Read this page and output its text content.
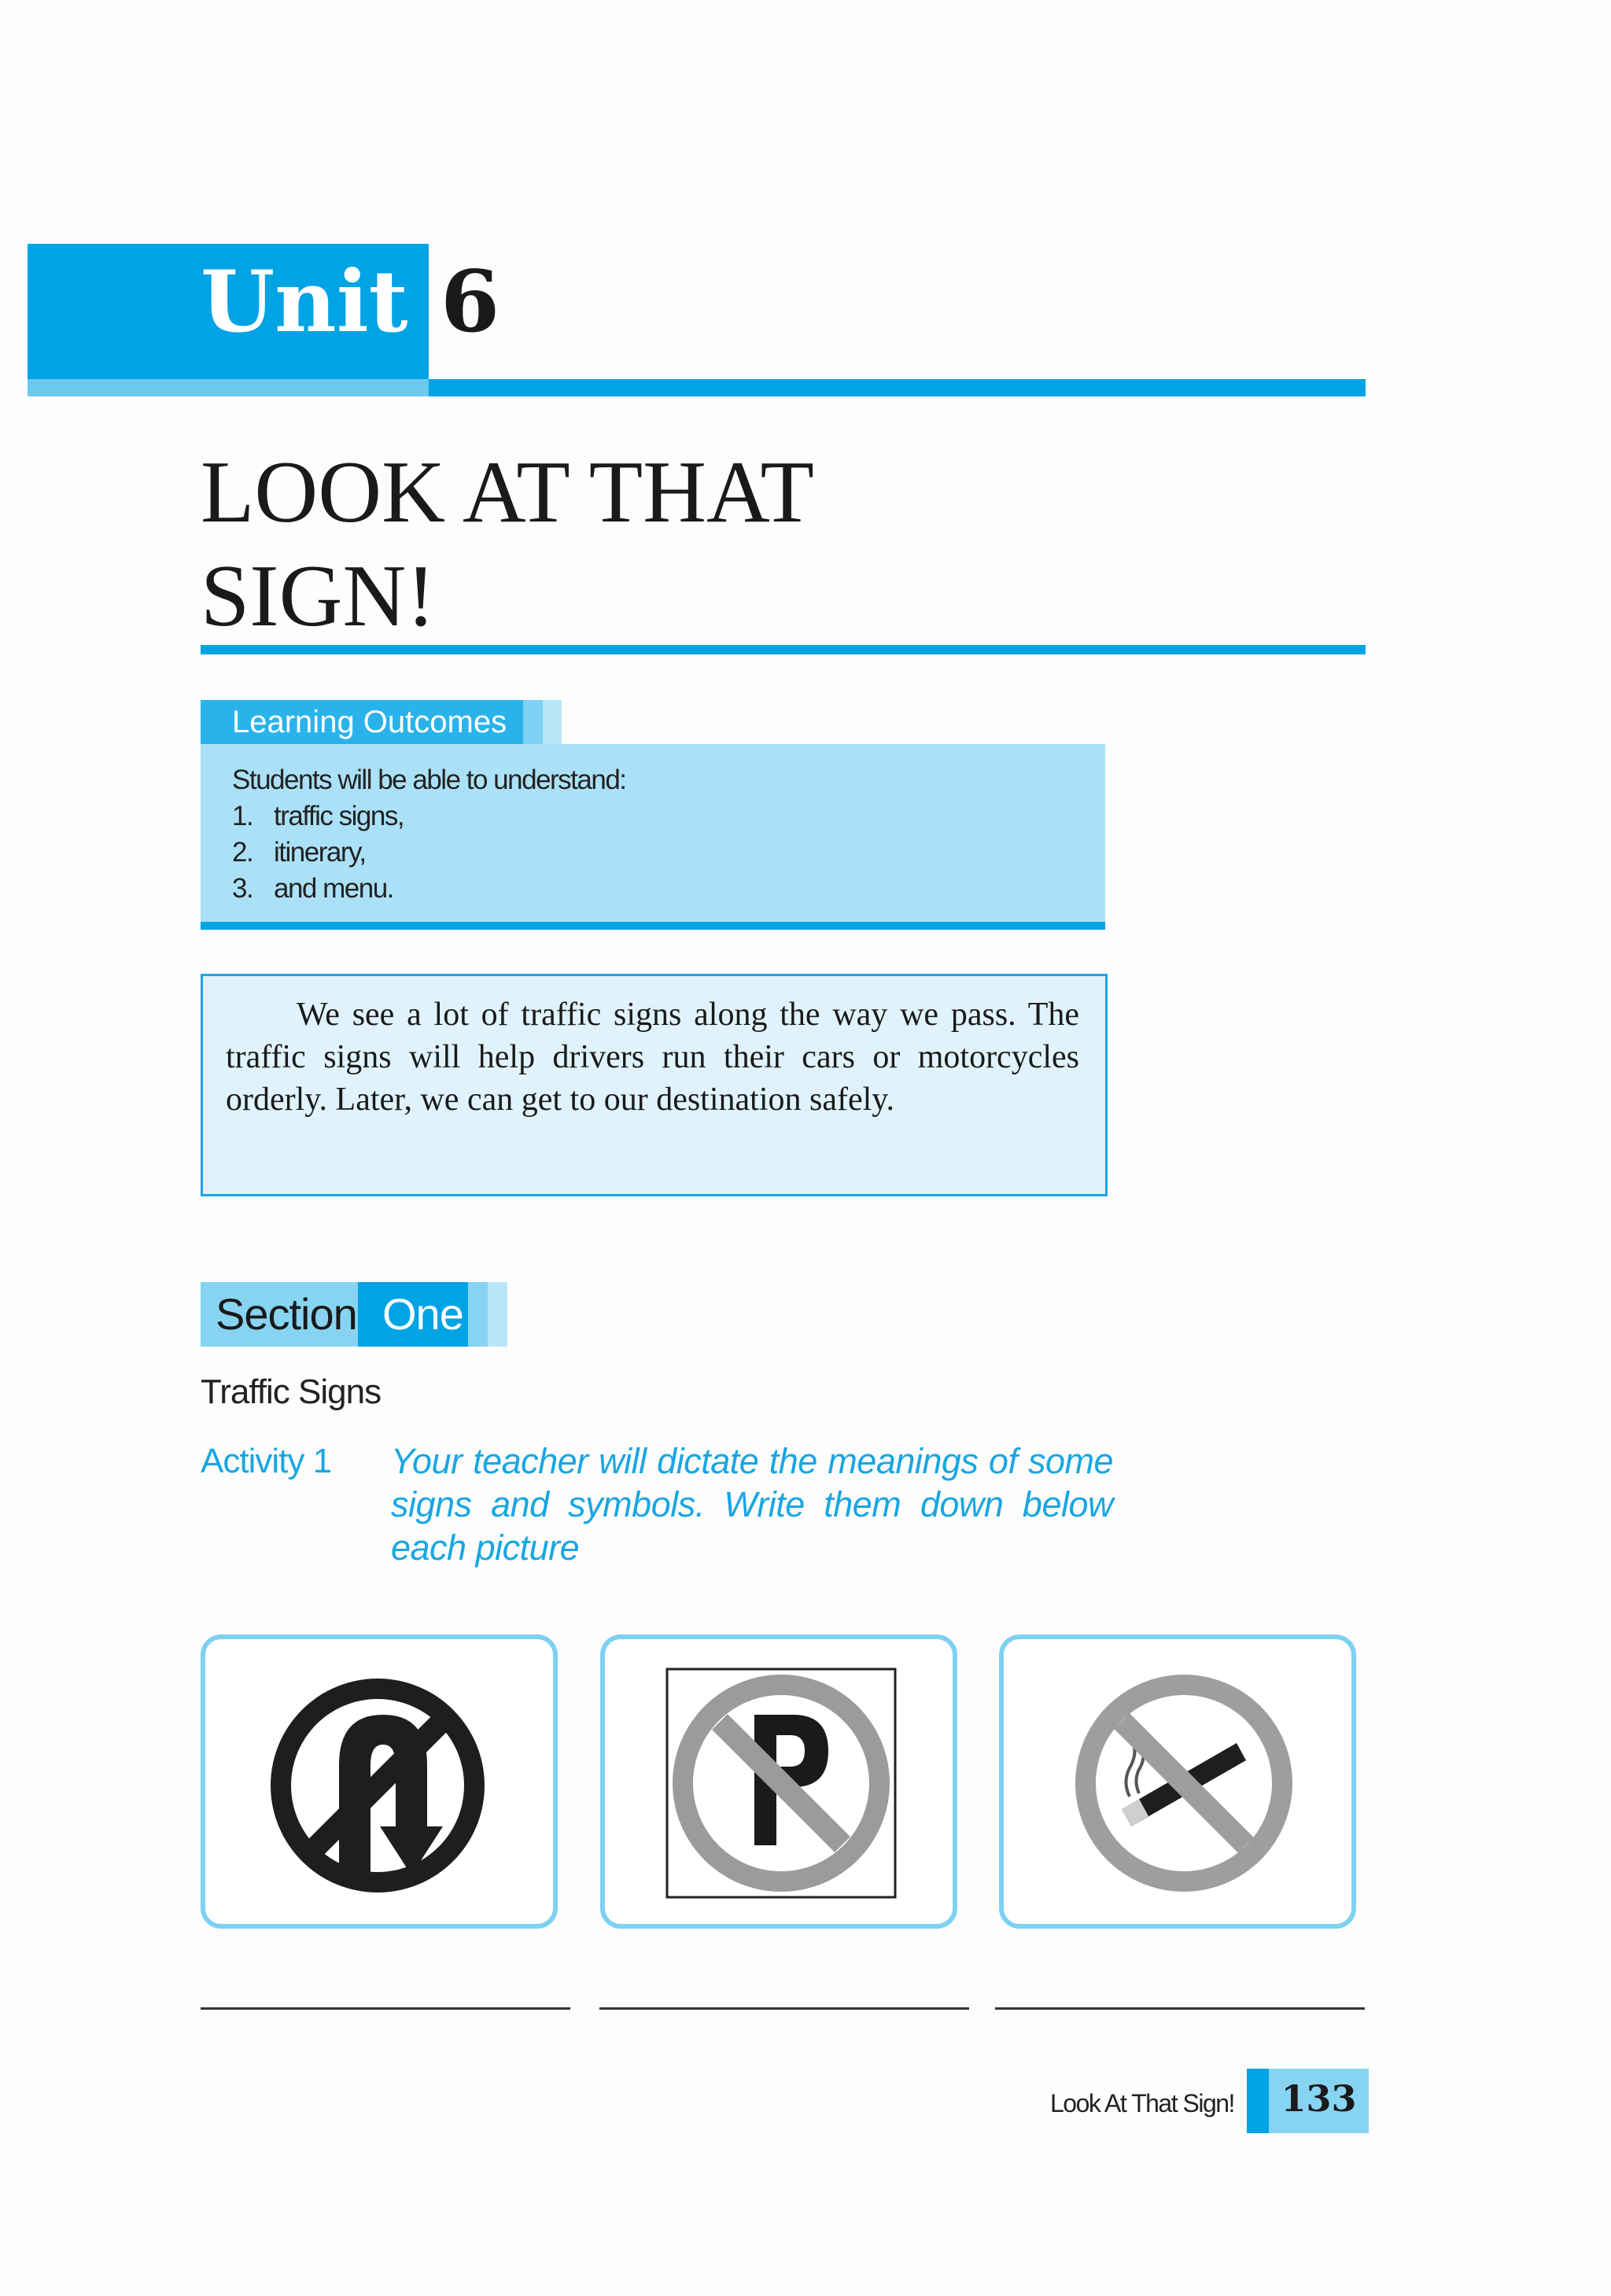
Unit 6
LOOK AT THAT
SIGN!
Learning Outcomes
Students will be able to understand:
1. traffic signs,
2. itinerary,
3. and menu.
We see a lot of traffic signs along the way we pass. The traffic signs will help drivers run their cars or motorcycles orderly. Later, we can get to our destination safely.
Section One
Traffic Signs
Activity 1 Your teacher will dictate the meanings of some signs and symbols. Write them down below each picture
Look At That Sign!	133
